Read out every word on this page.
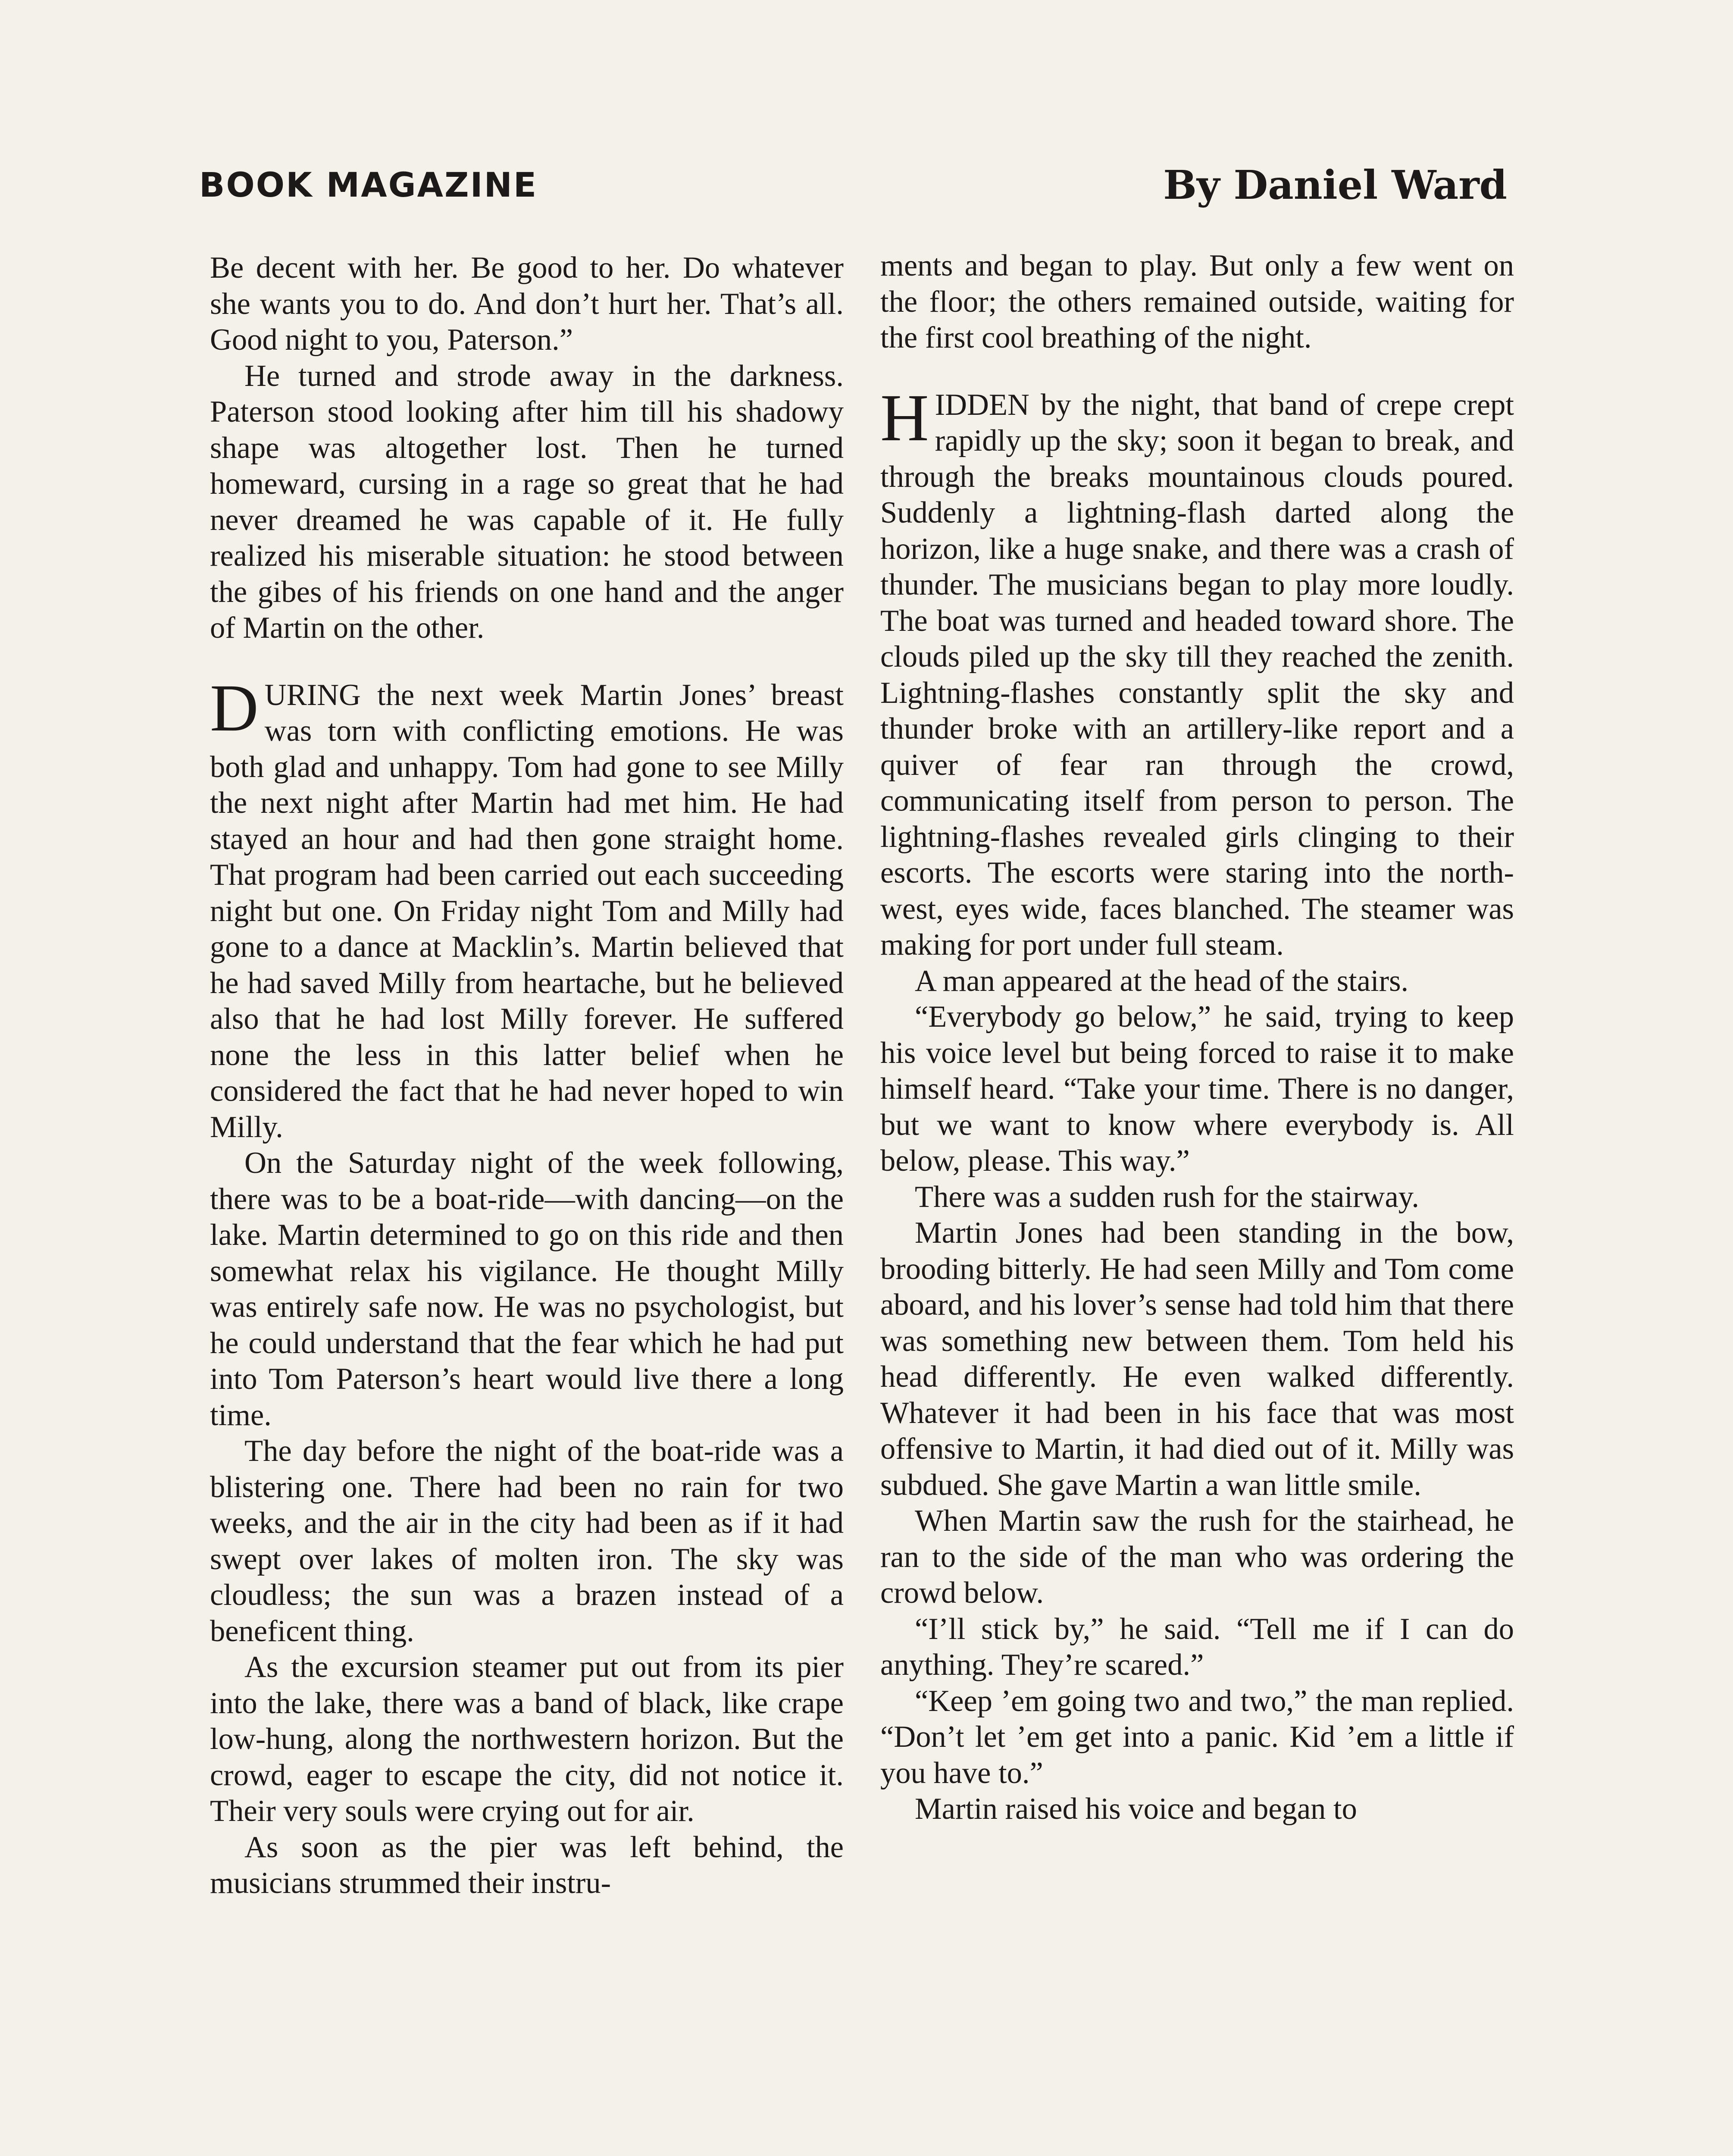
BOOK MAGAZINE	By Daniel Ward

Be decent with her. Be good to her. Do whatever she wants you to do. And don’t hurt her. That’s all. Good night to you, Paterson.”

He turned and strode away in the darkness. Paterson stood looking after him till his shadowy shape was altogether lost. Then he turned homeward, cursing in a rage so great that he had never dreamed he was capable of it. He fully realized his miserable situation: he stood between the gibes of his friends on one hand and the anger of Martin on the other.

DURING the next week Martin Jones’ breast was torn with conflicting emotions. He was both glad and unhappy. Tom had gone to see Milly the next night after Martin had met him. He had stayed an hour and had then gone straight home. That program had been carried out each succeeding night but one. On Friday night Tom and Milly had gone to a dance at Macklin’s. Martin believed that he had saved Milly from heartache, but he believed also that he had lost Milly forever. He suffered none the less in this latter belief when he considered the fact that he had never hoped to win Milly.

On the Saturday night of the week following, there was to be a boat-ride—with dancing—on the lake. Martin determined to go on this ride and then somewhat relax his vigilance. He thought Milly was entirely safe now. He was no psychologist, but he could understand that the fear which he had put into Tom Paterson’s heart would live there a long time.

The day before the night of the boat-ride was a blistering one. There had been no rain for two weeks, and the air in the city had been as if it had swept over lakes of molten iron. The sky was cloudless; the sun was a brazen instead of a beneficent thing.

As the excursion steamer put out from its pier into the lake, there was a band of black, like crape low-hung, along the northwestern horizon. But the crowd, eager to escape the city, did not notice it. Their very souls were crying out for air.

As soon as the pier was left behind, the musicians strummed their instru-

ments and began to play. But only a few went on the floor; the others remained outside, waiting for the first cool breathing of the night.

HIDDEN by the night, that band of crepe crept rapidly up the sky; soon it began to break, and through the breaks mountainous clouds poured. Suddenly a lightning-flash darted along the horizon, like a huge snake, and there was a crash of thunder. The musicians began to play more loudly. The boat was turned and headed toward shore. The clouds piled up the sky till they reached the zenith. Lightning-flashes constantly split the sky and thunder broke with an artillery-like report and a quiver of fear ran through the crowd, communicating itself from person to person. The lightning-flashes revealed girls clinging to their escorts. The escorts were staring into the north-west, eyes wide, faces blanched. The steamer was making for port under full steam.

A man appeared at the head of the stairs.

“Everybody go below,” he said, trying to keep his voice level but being forced to raise it to make himself heard. “Take your time. There is no danger, but we want to know where everybody is. All below, please. This way.”

There was a sudden rush for the stairway.

Martin Jones had been standing in the bow, brooding bitterly. He had seen Milly and Tom come aboard, and his lover’s sense had told him that there was something new between them. Tom held his head differently. He even walked differently. Whatever it had been in his face that was most offensive to Martin, it had died out of it. Milly was subdued. She gave Martin a wan little smile.

When Martin saw the rush for the stairhead, he ran to the side of the man who was ordering the crowd below.

“I’ll stick by,” he said. “Tell me if I can do anything. They’re scared.”

“Keep ’em going two and two,” the man replied. “Don’t let ’em get into a panic. Kid ’em a little if you have to.”

Martin raised his voice and began to
